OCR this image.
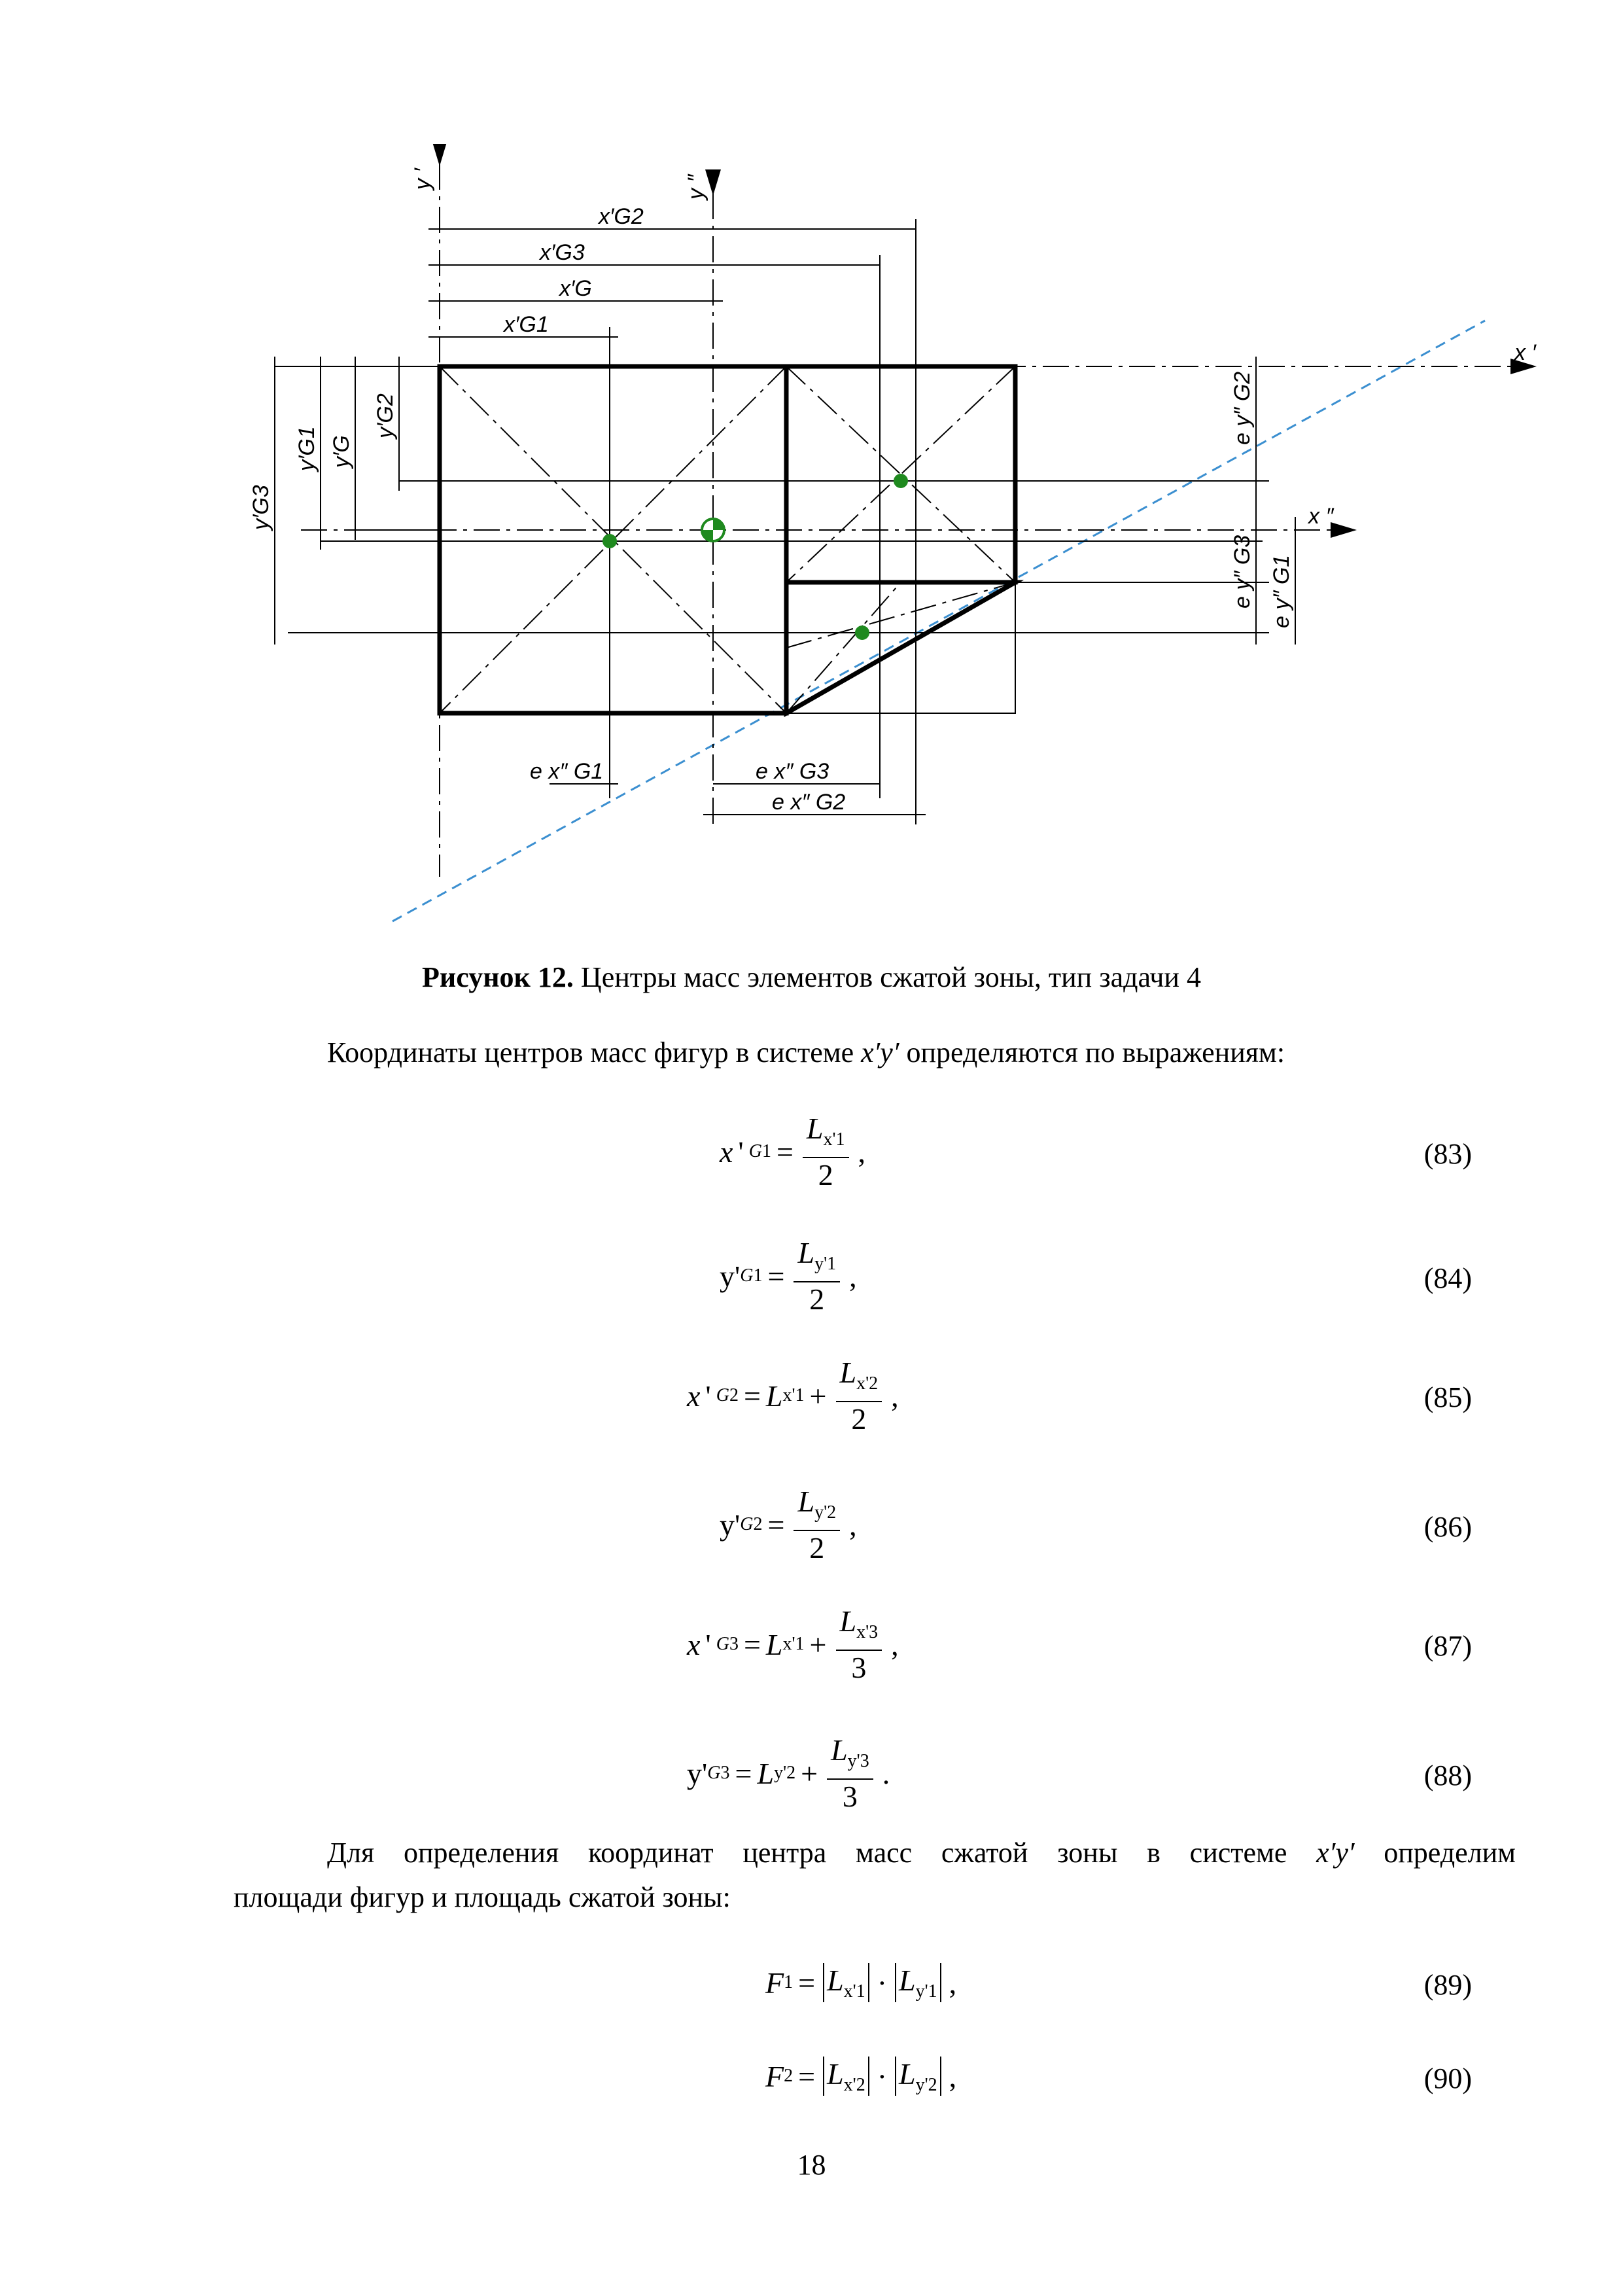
y ′	y ″
x ′
x ″
x′G2
x′G3
x′G
x′G1
y′G3
y′G1 y′G
y′G2	e y″ G2
e y″ G3 e y″ G1
e x″ G1	e x″ G3
e x″ G2
Рисунок 12. Центры масс элементов сжатой зоны, тип задачи 4
Координаты центров масс фигур в системе x′y′ определяются по выражениям:
x ' G $1 = \frac{L_{x'1}}{2}$ ,	(83)
y' G $1 = \frac{L_{y'1}}{2}$ ,	(84)
x ' G 2 = L $x'1 + \frac{L_{x'2}}{2}$ ,	(85)
y' G $2 = \frac{L_{y'2}}{2}$ ,	(86)
x ' G 3 = L $x'1 + \frac{L_{x'3}}{3}$ ,	(87)
y' G 3 = L $y'2 + \frac{L_{y'3}}{3}$ .	(88)
Для определения координат центра масс сжатой зоны в системе x′y′ определим
площади фигур и площадь сжатой зоны:
F $1 = L_{x'1} \cdot L_{y'1}$ ,	(89)
F $2 = L_{x'2} \cdot L_{y'2}$ ,	(90)
18
